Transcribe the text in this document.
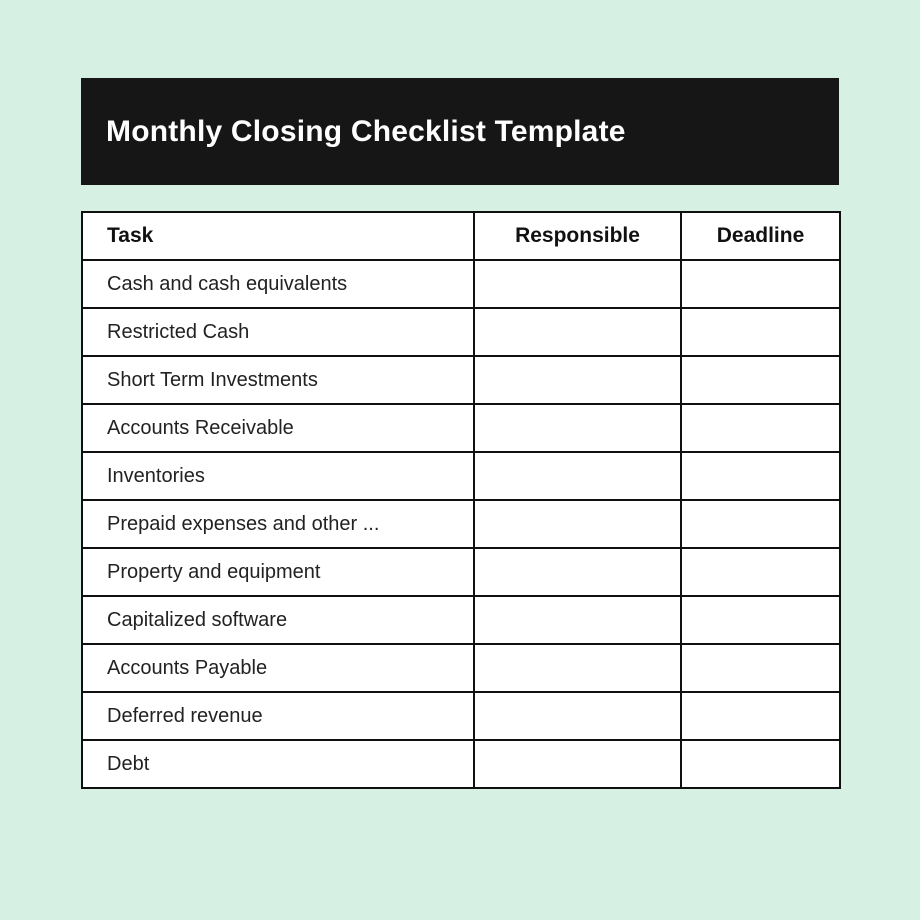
Monthly Closing Checklist Template
Task	Responsible	Deadline
Cash and cash equivalents		
Restricted Cash		
Short Term Investments		
Accounts Receivable		
Inventories		
Prepaid expenses and other ...		
Property and equipment		
Capitalized software		
Accounts Payable		
Deferred revenue		
Debt		
